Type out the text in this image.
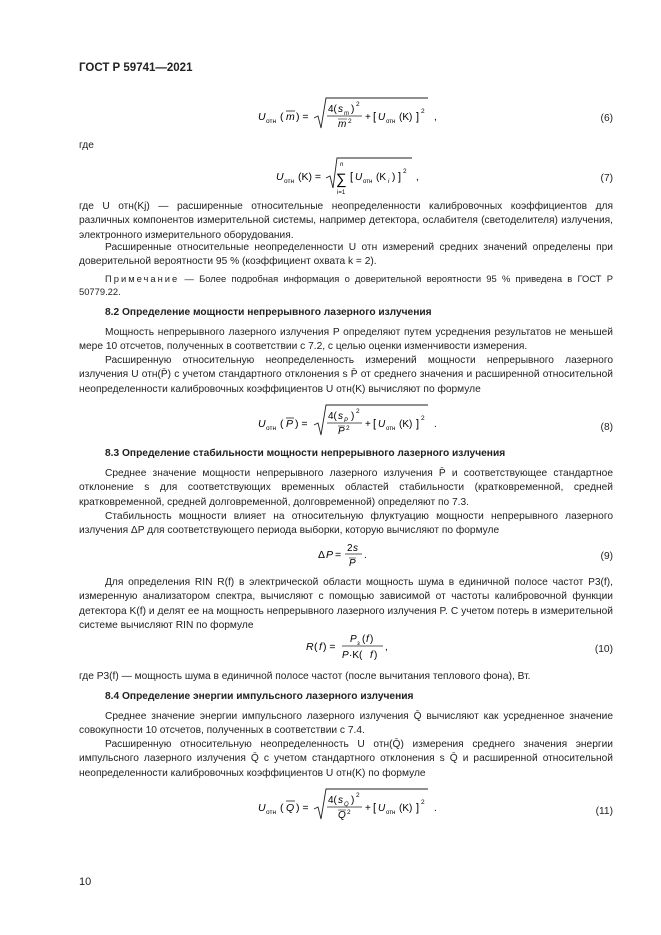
ГОСТ Р 59741—2021
U отн ( m ) =
4( s m ) 2
m 2 + [ U отн (K) ] 2
,	(6)
где
U отн (K) =
n
∑
i=1
[ U отн (K i ) ] 2
,	(7)

где U отн(Kj) — расширенные относительные неопределенности калибровочных коэффициентов для различных компонентов измерительной системы, например детектора, ослабителя (светоделителя) излучения, электронного измерительного оборудования.

Расширенные относительные неопределенности U отн измерений средних значений определены при доверительной вероятности 95 % (коэффициент охвата k = 2).

Примечание — Более подробная информация о доверительной вероятности 95 % приведена в ГОСТ Р 50779.22.

8.2 Определение мощности непрерывного лазерного излучения

Мощность непрерывного лазерного излучения P определяют путем усреднения результатов не меньшей мере 10 отсчетов, полученных в соответствии с 7.2, с целью оценки изменчивости измерения.

Расширенную относительную неопределенность измерений мощности непрерывного лазерного излучения U отн(P̄) с учетом стандартного отклонения s P̄ от среднего значения и расширенной относительной неопределенности калибровочных коэффициентов U отн(K) вычисляют по формуле

U отн ( P ) =
4( s P ) 2
P 2 + [ U отн (K) ] 2
.	(8)
8.3 Определение стабильности мощности непрерывного лазерного излучения

Среднее значение мощности непрерывного лазерного излучения P̄ и соответствующее стандартное отклонение s для соответствующих временных областей стабильности (кратковременной, средней кратковременной, средней долговременной, долговременной) определяют по 7.3.

Стабильность мощности влияет на относительную флуктуацию мощности непрерывного лазерного излучения ΔP для соответствующего периода выборки, которую вычисляют по формуле

Δ P =
2 s
P
.	(9)

Для определения RIN R(f) в электрической области мощность шума в единичной полосе частот P3(f), измеренную анализатором спектра, вычисляют с помощью зависимой от частоты калибровочной функции детектора K(f) и делят ее на мощность непрерывного лазерного излучения P. С учетом потерь в измерительной системе вычисляют RIN по формуле

R ( f ) =
P з ( f )
P ·K( f )
,	(10)

где P3(f) — мощность шума в единичной полосе частот (после вычитания теплового фона), Вт.

8.4 Определение энергии импульсного лазерного излучения

Среднее значение энергии импульсного лазерного излучения Q̄ вычисляют как усредненное значение совокупности 10 отсчетов, полученных в соответствии с 7.4.

Расширенную относительную неопределенность U отн(Q̄) измерения среднего значения энергии импульсного лазерного излучения Q̄ с учетом стандартного отклонения s Q̄ и расширенной относительной неопределенности калибровочных коэффициентов U отн(K) по формуле

U отн ( Q ) =
4( s Q ) 2
Q 2 + [ U отн (K) ] 2
.	(11)
10
